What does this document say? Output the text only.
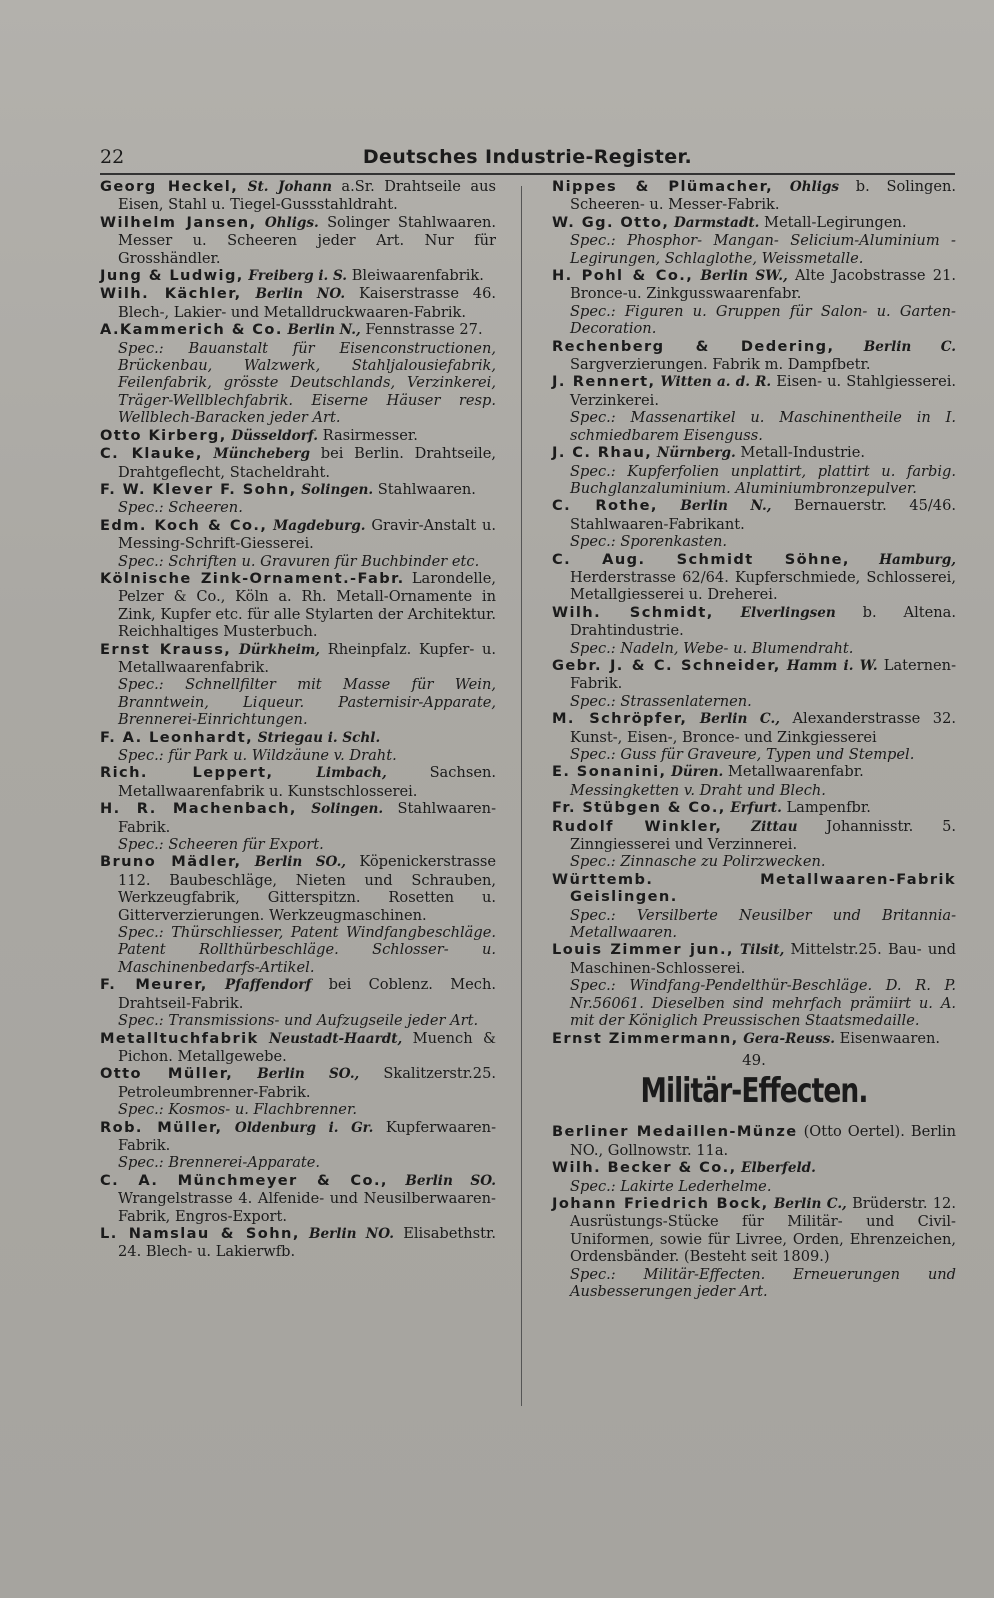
22	Deutsches Industrie-Register.

Georg Heckel, St. Johann a.Sr. Drahtseile aus Eisen, Stahl u. Tiegel-Gussstahldraht.

Wilhelm Jansen, Ohligs. Solinger Stahlwaaren. Messer u. Scheeren jeder Art. Nur für Grosshändler.

Jung & Ludwig, Freiberg i. S. Bleiwaarenfabrik.

Wilh. Kächler, Berlin NO. Kaiserstrasse 46. Blech-, Lakier- und Metalldruckwaaren-Fabrik.

A.Kammerich & Co. Berlin N., Fennstrasse 27.
Spec.: Bauanstalt für Eisenconstructionen, Brückenbau, Walzwerk, Stahljalousiefabrik, Feilenfabrik, grösste Deutschlands, Verzinkerei, Träger-Wellblechfabrik. Eiserne Häuser resp. Wellblech-Baracken jeder Art.

Otto Kirberg, Düsseldorf. Rasirmesser.

C. Klauke, Müncheberg bei Berlin. Drahtseile, Drahtgeflecht, Stacheldraht.

F. W. Klever F. Sohn, Solingen. Stahlwaaren.
Spec.: Scheeren.

Edm. Koch & Co., Magdeburg. Gravir-Anstalt u. Messing-Schrift-Giesserei.
Spec.: Schriften u. Gravuren für Buchbinder etc.

Kölnische Zink-Ornament.-Fabr. Larondelle, Pelzer & Co., Köln a. Rh. Metall-Ornamente in Zink, Kupfer etc. für alle Stylarten der Architektur. Reichhaltiges Musterbuch.

Ernst Krauss, Dürkheim, Rheinpfalz. Kupfer- u. Metallwaarenfabrik.
Spec.: Schnellfilter mit Masse für Wein, Branntwein, Liqueur. Pasternisir-Apparate, Brennerei-Einrichtungen.

F. A. Leonhardt, Striegau i. Schl.
Spec.: für Park u. Wildzäune v. Draht.

Rich. Leppert,	Limbach,	Sachsen. Metallwaarenfabrik u. Kunstschlosserei.

H. R. Machenbach, Solingen. Stahlwaaren-Fabrik.
Spec.: Scheeren für Export.

Bruno Mädler, Berlin SO., Köpenickerstrasse 112. Baubeschläge, Nieten und Schrauben, Werkzeugfabrik, Gitterspitzn. Rosetten u. Gitterverzierungen. Werkzeugmaschinen.
Spec.: Thürschliesser, Patent Windfangbeschläge. Patent Rollthürbeschläge. Schlosser- u. Maschinenbedarfs-Artikel.

F. Meurer, Pfaffendorf bei Coblenz. Mech. Drahtseil-Fabrik.
Spec.: Transmissions- und Aufzugseile jeder Art.

Metalltuchfabrik Neustadt-Haardt, Muench & Pichon. Metallgewebe.

Otto Müller, Berlin SO., Skalitzerstr.25. Petroleumbrenner-Fabrik.
Spec.: Kosmos- u. Flachbrenner.

Rob. Müller, Oldenburg i. Gr. Kupferwaaren-Fabrik.
Spec.: Brennerei-Apparate.

C. A. Münchmeyer & Co., Berlin SO. Wrangelstrasse 4. Alfenide- und Neusilberwaaren-Fabrik, Engros-Export.

L. Namslau & Sohn, Berlin NO. Elisabethstr. 24. Blech- u. Lakierwfb.

Nippes & Plümacher, Ohligs b. Solingen. Scheeren- u. Messer-Fabrik.

W. Gg. Otto, Darmstadt. Metall-Legirungen.
Spec.: Phosphor- Mangan- Selicium-Aluminium - Legirungen, Schlaglothe, Weissmetalle.

H. Pohl & Co., Berlin SW., Alte Jacobstrasse 21. Bronce-u. Zinkgusswaarenfabr.
Spec.: Figuren u. Gruppen für Salon- u. Garten-Decoration.

Rechenberg & Dedering, Berlin C. Sargverzierungen. Fabrik m. Dampfbetr.

J. Rennert, Witten a. d. R. Eisen- u. Stahlgiesserei. Verzinkerei.
Spec.: Massenartikel u. Maschinentheile in I. schmiedbarem Eisenguss.

J. C. Rhau, Nürnberg. Metall-Industrie.
Spec.: Kupferfolien unplattirt, plattirt u. farbig. Buchglanzaluminium. Aluminiumbronzepulver.

C. Rothe, Berlin N., Bernauerstr. 45/46. Stahlwaaren-Fabrikant.
Spec.: Sporenkasten.

C. Aug. Schmidt Söhne, Hamburg, Herderstrasse 62/64. Kupferschmiede, Schlosserei, Metallgiesserei u. Dreherei.

Wilh. Schmidt, Elverlingsen b. Altena. Drahtindustrie.
Spec.: Nadeln, Webe- u. Blumendraht.

Gebr. J. & C. Schneider, Hamm i. W. Laternen-Fabrik.
Spec.: Strassenlaternen.

M. Schröpfer, Berlin C., Alexanderstrasse 32. Kunst-, Eisen-, Bronce- und Zinkgiesserei
Spec.: Guss für Graveure, Typen und Stempel.

E. Sonanini, Düren. Metallwaarenfabr.
Messingketten v. Draht und Blech.

Fr. Stübgen & Co., Erfurt. Lampenfbr.

Rudolf Winkler, Zittau Johannisstr. 5. Zinngiesserei und Verzinnerei.
Spec.: Zinnasche zu Polirzwecken.

Württemb. Metallwaaren-Fabrik Geislingen.
Spec.: Versilberte Neusilber und Britannia-Metallwaaren.

Louis Zimmer jun., Tilsit, Mittelstr.25. Bau- und Maschinen-Schlosserei.
Spec.: Windfang-Pendelthür-Beschläge. D. R. P. Nr.56061. Dieselben sind mehrfach prämiirt u. A. mit der Königlich Preussischen Staatsmedaille.

Ernst Zimmermann, Gera-Reuss. Eisenwaaren.

49.

Militär-Effecten.

Berliner Medaillen-Münze (Otto Oertel). Berlin NO., Gollnowstr. 11a.

Wilh. Becker & Co., Elberfeld.
Spec.: Lakirte Lederhelme.

Johann Friedrich Bock, Berlin C., Brüderstr. 12. Ausrüstungs-Stücke für Militär- und Civil-Uniformen, sowie für Livree, Orden, Ehrenzeichen, Ordensbänder. (Besteht seit 1809.)
Spec.: Militär-Effecten. Erneuerungen und Ausbesserungen jeder Art.
